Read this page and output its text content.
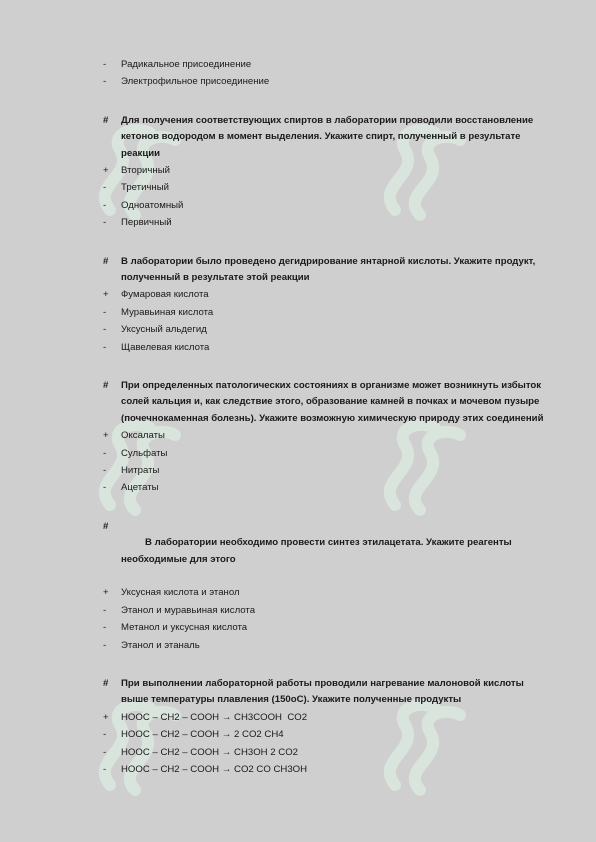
-	Радикальное присоединение
-	Электрофильное присоединение
#	Для получения соответствующих спиртов в лаборатории проводили восстановление
кетонов водородом в момент выделения. Укажите спирт, полученный в результате
реакции
+	Вторичный
-	Третичный
-	Одноатомный
-	Первичный
#	В лаборатории было проведено дегидрирование янтарной кислоты. Укажите продукт,
полученный в результате этой реакции
+	Фумаровая кислота
-	Муравьиная кислота
-	Уксусный альдегид
-	Щавелевая кислота
#	При определенных патологических состояниях в организме может возникнуть избыток
солей кальция и, как следствие этого, образование камней в почках и мочевом пузыре
(почечнокаменная болезнь). Укажите возможную химическую природу этих соединений
+	Оксалаты
-	Сульфаты
-	Нитраты
-	Ацетаты
#

В лаборатории необходимо провести синтез этилацетата. Укажите реагенты
необходимые для этого

+	Уксусная кислота и этанол
-	Этанол и муравьиная кислота
-	Метанол и уксусная кислота
-	Этанол и этаналь
#	При выполнении лабораторной работы проводили нагревание малоновой кислоты
выше температуры плавления (150оС). Укажите полученные продукты
+	HOOC – CH2 – COOH → CH3COOH  CO2
-	HOOC – CH2 – COOH → 2 CO2 CH4
-	HOOC – CH2 – COOH → CH3OH 2 CO2
-	HOOC – CH2 – COOH → CO2 CO CH3OH
